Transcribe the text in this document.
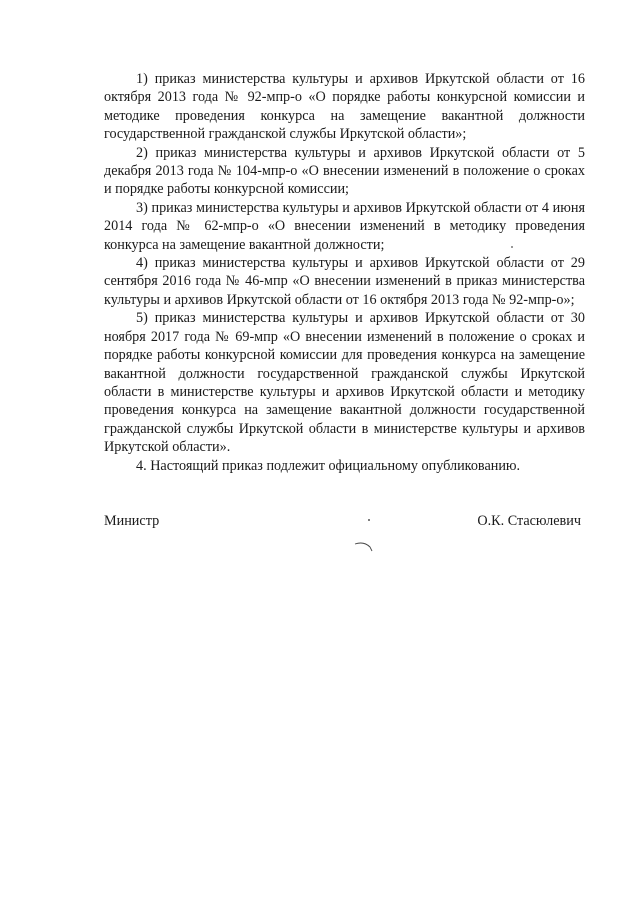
1) приказ министерства культуры и архивов Иркутской области от 16 октября 2013 года № 92-мпр-о «О порядке работы конкурсной комиссии и методике проведения конкурса на замещение вакантной должности государственной гражданской службы Иркутской области»;

2) приказ министерства культуры и архивов Иркутской области от 5 декабря 2013 года № 104-мпр-о «О внесении изменений в положение о сроках и порядке работы конкурсной комиссии;

3) приказ министерства культуры и архивов Иркутской области от 4 июня 2014 года № 62-мпр-о «О внесении изменений в методику проведения конкурса на замещение вакантной должности;

4) приказ министерства культуры и архивов Иркутской области от 29 сентября 2016 года № 46-мпр «О внесении изменений в приказ министерства культуры и архивов Иркутской области от 16 октября 2013 года № 92-мпр-о»;

5) приказ министерства культуры и архивов Иркутской области от 30 ноября 2017 года № 69-мпр «О внесении изменений в положение о сроках и порядке работы конкурсной комиссии для проведения конкурса на замещение вакантной должности государственной гражданской службы Иркутской области в министерстве культуры и архивов Иркутской области и методику проведения конкурса на замещение вакантной должности государственной гражданской службы Иркутской области в министерстве культуры и архивов Иркутской области».

4. Настоящий приказ подлежит официальному опубликованию.

Министр	О.К. Стасюлевич
